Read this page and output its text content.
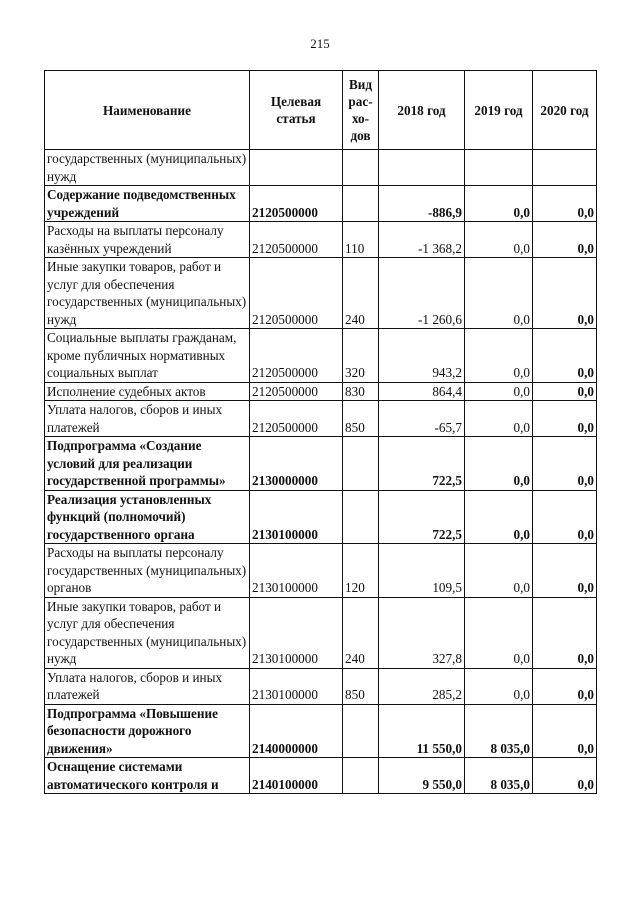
215
Наименование	Целевая статья	Вид рас- хо- дов	2018 год	2019 год	2020 год
государственных (муниципальных) нужд					
Содержание подведомственных учреждений	2120500000		-886,9	0,0	0,0
Расходы на выплаты персоналу казённых учреждений	2120500000	110	-1 368,2	0,0	0,0
Иные закупки товаров, работ и услуг для обеспечения государственных (муниципальных) нужд	2120500000	240	-1 260,6	0,0	0,0
Социальные выплаты гражданам, кроме публичных нормативных социальных выплат	2120500000	320	943,2	0,0	0,0
Исполнение судебных актов	2120500000	830	864,4	0,0	0,0
Уплата налогов, сборов и иных платежей	2120500000	850	-65,7	0,0	0,0
Подпрограмма «Создание условий для реализации государственной программы»	2130000000		722,5	0,0	0,0
Реализация установленных функций (полномочий) государственного органа	2130100000		722,5	0,0	0,0
Расходы на выплаты персоналу государственных (муниципальных) органов	2130100000	120	109,5	0,0	0,0
Иные закупки товаров, работ и услуг для обеспечения государственных (муниципальных) нужд	2130100000	240	327,8	0,0	0,0
Уплата налогов, сборов и иных платежей	2130100000	850	285,2	0,0	0,0
Подпрограмма «Повышение безопасности дорожного движения»	2140000000		11 550,0	8 035,0	0,0
Оснащение системами автоматического контроля и	2140100000		9 550,0	8 035,0	0,0
